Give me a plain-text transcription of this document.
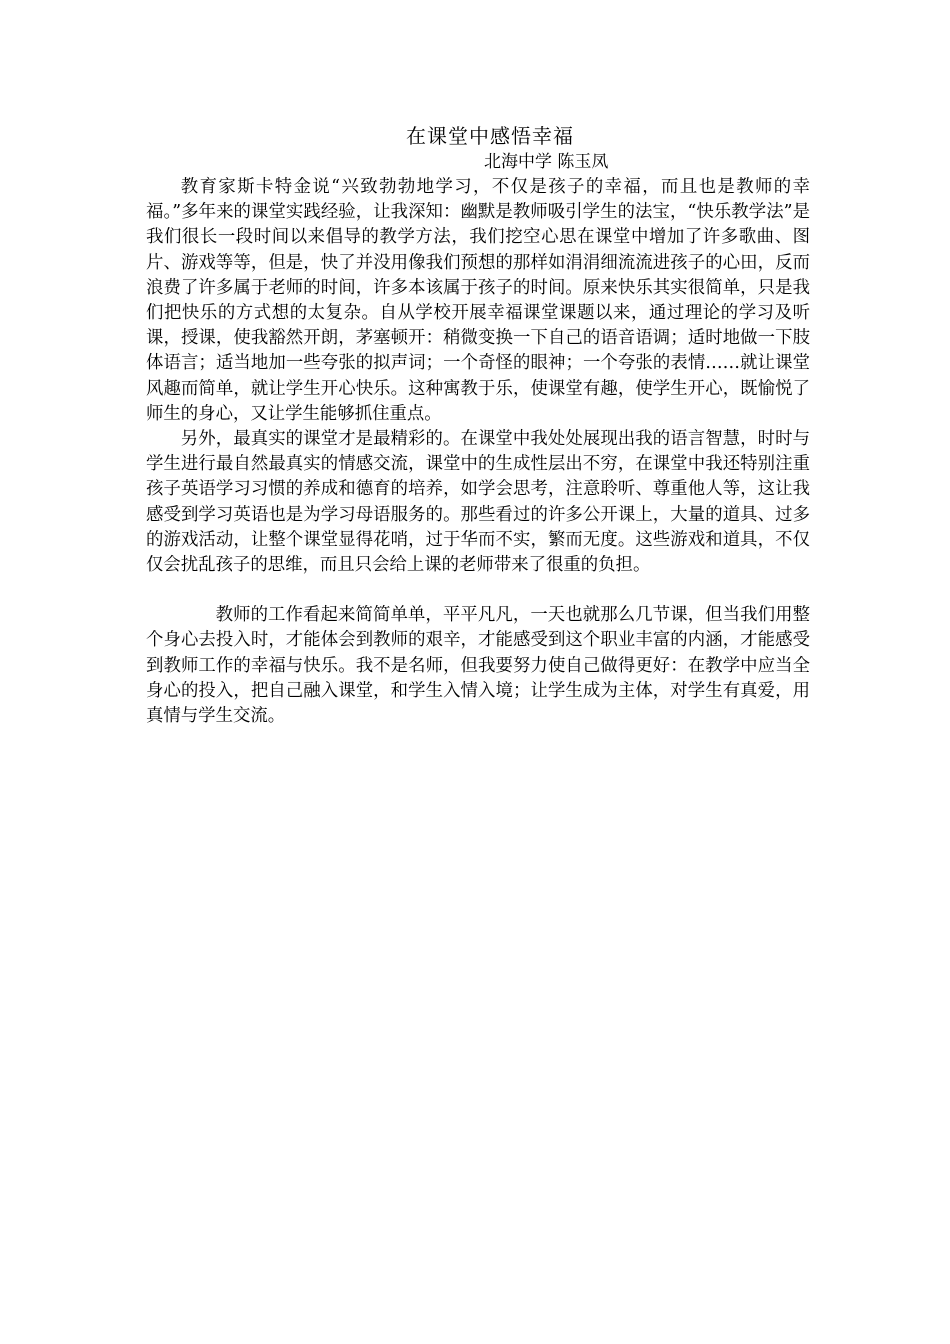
在课堂中感悟幸福
北海中学 陈玉凤

教育家斯卡特金说“兴致勃勃地学习，不仅是孩子的幸福，而且也是教师的幸福。”多年来的课堂实践经验，让我深知：幽默是教师吸引学生的法宝，“快乐教学法”是我们很长一段时间以来倡导的教学方法，我们挖空心思在课堂中增加了许多歌曲、图片、游戏等等，但是，快了并没用像我们预想的那样如涓涓细流流进孩子的心田，反而浪费了许多属于老师的时间，许多本该属于孩子的时间。原来快乐其实很简单，只是我们把快乐的方式想的太复杂。自从学校开展幸福课堂课题以来，通过理论的学习及听课，授课，使我豁然开朗，茅塞顿开：稍微变换一下自己的语音语调；适时地做一下肢体语言；适当地加一些夸张的拟声词；一个奇怪的眼神；一个夸张的表情……就让课堂风趣而简单，就让学生开心快乐。这种寓教于乐，使课堂有趣，使学生开心，既愉悦了师生的身心，又让学生能够抓住重点。

另外，最真实的课堂才是最精彩的。在课堂中我处处展现出我的语言智慧，时时与学生进行最自然最真实的情感交流，课堂中的生成性层出不穷，在课堂中我还特别注重孩子英语学习习惯的养成和德育的培养，如学会思考，注意聆听、尊重他人等，这让我感受到学习英语也是为学习母语服务的。那些看过的许多公开课上，大量的道具、过多的游戏活动，让整个课堂显得花哨，过于华而不实，繁而无度。这些游戏和道具，不仅仅会扰乱孩子的思维，而且只会给上课的老师带来了很重的负担。

教师的工作看起来简简单单，平平凡凡，一天也就那么几节课，但当我们用整个身心去投入时，才能体会到教师的艰辛，才能感受到这个职业丰富的内涵，才能感受到教师工作的幸福与快乐。我不是名师，但我要努力使自己做得更好：在教学中应当全身心的投入，把自己融入课堂，和学生入情入境；让学生成为主体，对学生有真爱，用真情与学生交流。
